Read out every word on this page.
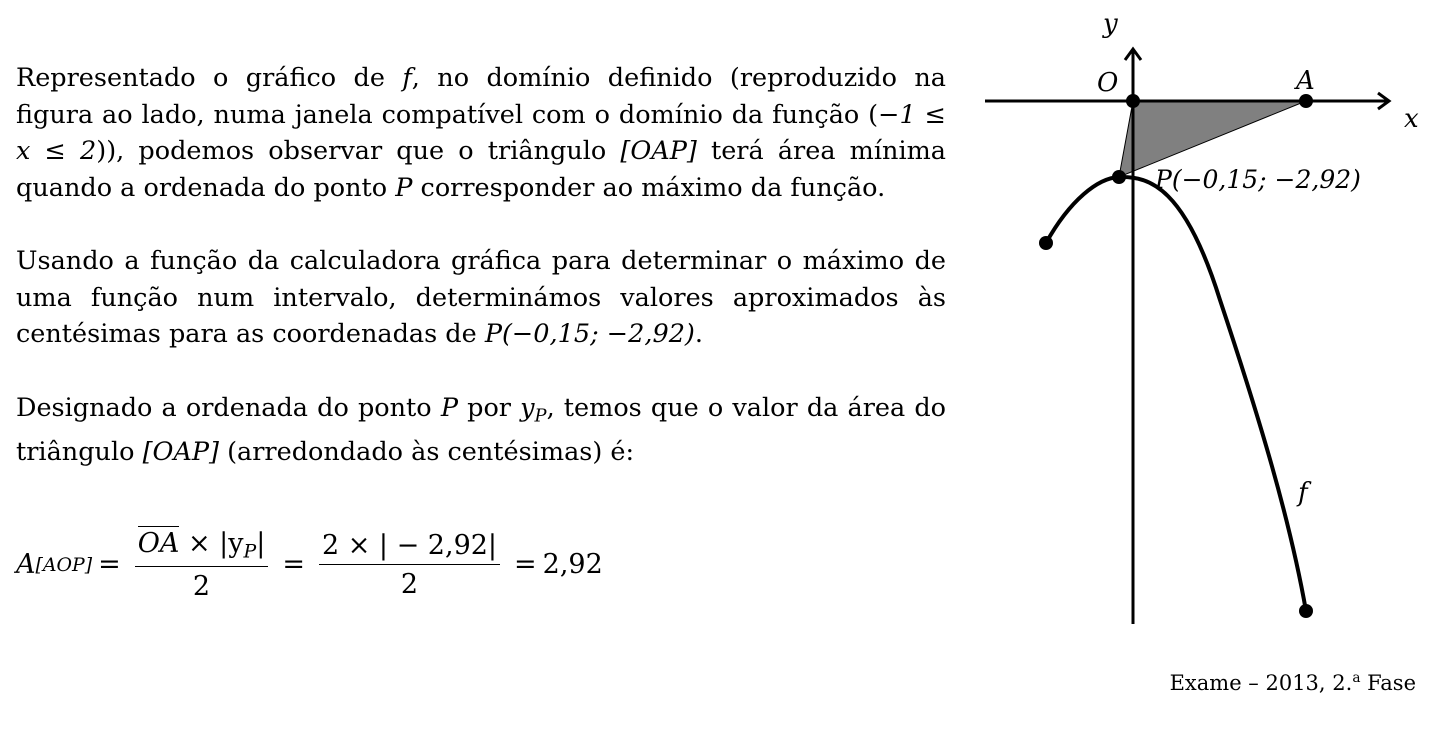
Representado o gráfico de f, no domínio definido (reproduzido na figura ao lado, numa janela compatível com o domínio da função (−1 ≤ x ≤ 2)), podemos observar que o triângulo [OAP] terá área mínima quando a ordenada do ponto P corresponder ao máximo da função.

Usando a função da calculadora gráfica para determinar o máximo de uma função num intervalo, determinámos valores aproximados às centésimas para as coordenadas de P(−0,15; −2,92).

Designado a ordenada do ponto P por $y_P$, temos que o valor da área do triângulo [OAP] (arredondado às centésimas) é:

A $[AOP] = \frac{OA \times |y_P|}{2} = \frac{2 \times | - 2,92|}{2} = 2,92$
y
x
O	A
P(−0,15; −2,92)
f
Exame – 2013, 2.$^a$ Fase
